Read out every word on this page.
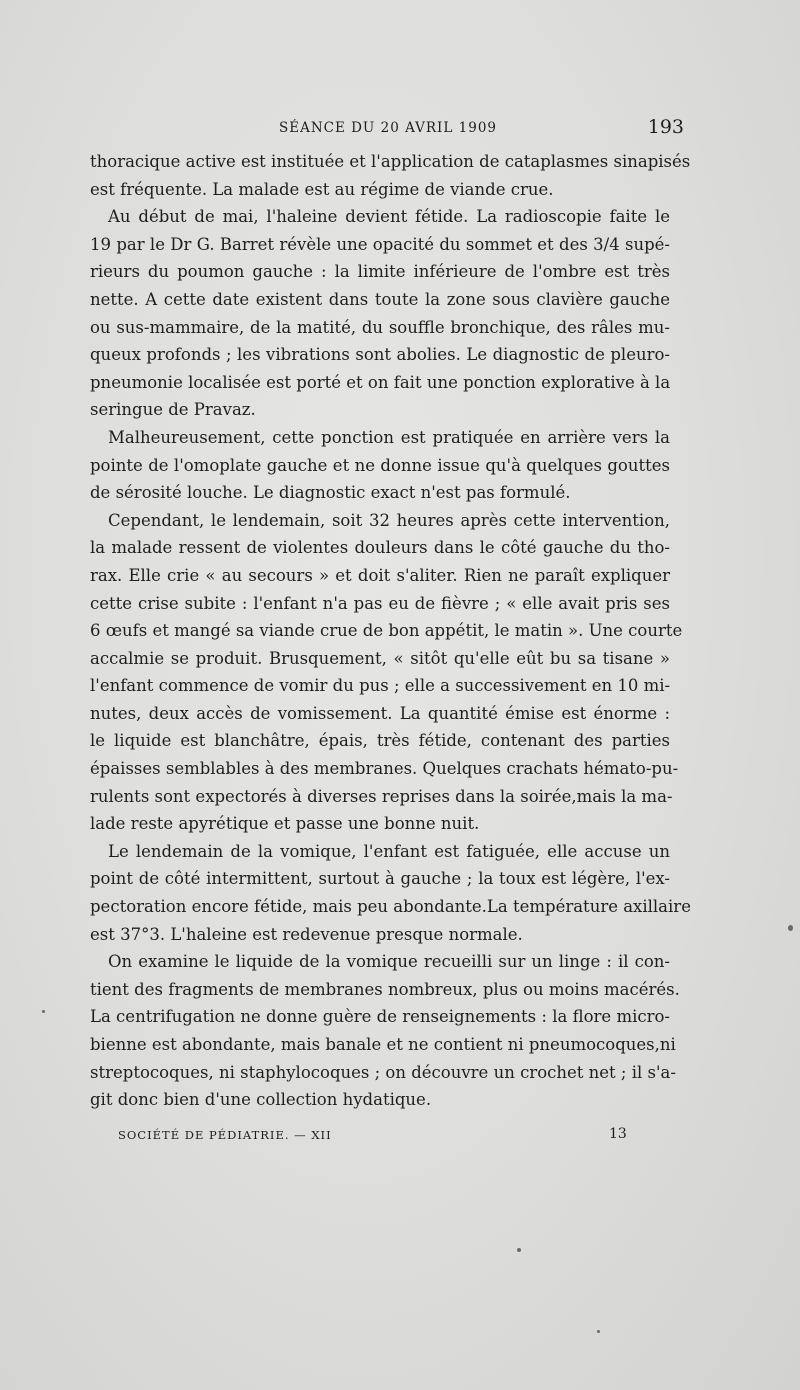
SÉANCE DU 20 AVRIL 1909	193
thoracique active est instituée et l'application de cataplasmes sinapisés
est fréquente. La malade est au régime de viande crue.
Au début de mai, l'haleine devient fétide. La radioscopie faite le
19 par le Dr G. Barret révèle une opacité du sommet et des 3/4 supé-
rieurs du poumon gauche : la limite inférieure de l'ombre est très
nette. A cette date existent dans toute la zone sous clavière gauche
ou sus-mammaire, de la matité, du souffle bronchique, des râles mu-
queux profonds ; les vibrations sont abolies. Le diagnostic de pleuro-
pneumonie localisée est porté et on fait une ponction explorative à la
seringue de Pravaz.
Malheureusement, cette ponction est pratiquée en arrière vers la
pointe de l'omoplate gauche et ne donne issue qu'à quelques gouttes
de sérosité louche. Le diagnostic exact n'est pas formulé.
Cependant, le lendemain, soit 32 heures après cette intervention,
la malade ressent de violentes douleurs dans le côté gauche du tho-
rax. Elle crie « au secours » et doit s'aliter. Rien ne paraît expliquer
cette crise subite : l'enfant n'a pas eu de fièvre ; « elle avait pris ses
6 œufs et mangé sa viande crue de bon appétit, le matin ». Une courte
accalmie se produit. Brusquement, « sitôt qu'elle eût bu sa tisane »
l'enfant commence de vomir du pus ; elle a successivement en 10 mi-
nutes, deux accès de vomissement. La quantité émise est énorme :
le liquide est blanchâtre, épais, très fétide, contenant des parties
épaisses semblables à des membranes. Quelques crachats hémato-pu-
rulents sont expectorés à diverses reprises dans la soirée,mais la ma-
lade reste apyrétique et passe une bonne nuit.
Le lendemain de la vomique, l'enfant est fatiguée, elle accuse un
point de côté intermittent, surtout à gauche ; la toux est légère, l'ex-
pectoration encore fétide, mais peu abondante.La température axillaire
est 37°3. L'haleine est redevenue presque normale.
On examine le liquide de la vomique recueilli sur un linge : il con-
tient des fragments de membranes nombreux, plus ou moins macérés.
La centrifugation ne donne guère de renseignements : la flore micro-
bienne est abondante, mais banale et ne contient ni pneumocoques,ni
streptocoques, ni staphylocoques ; on découvre un crochet net ; il s'a-
git donc bien d'une collection hydatique.
SOCIÉTÉ DE PÉDIATRIE. — XII	13
